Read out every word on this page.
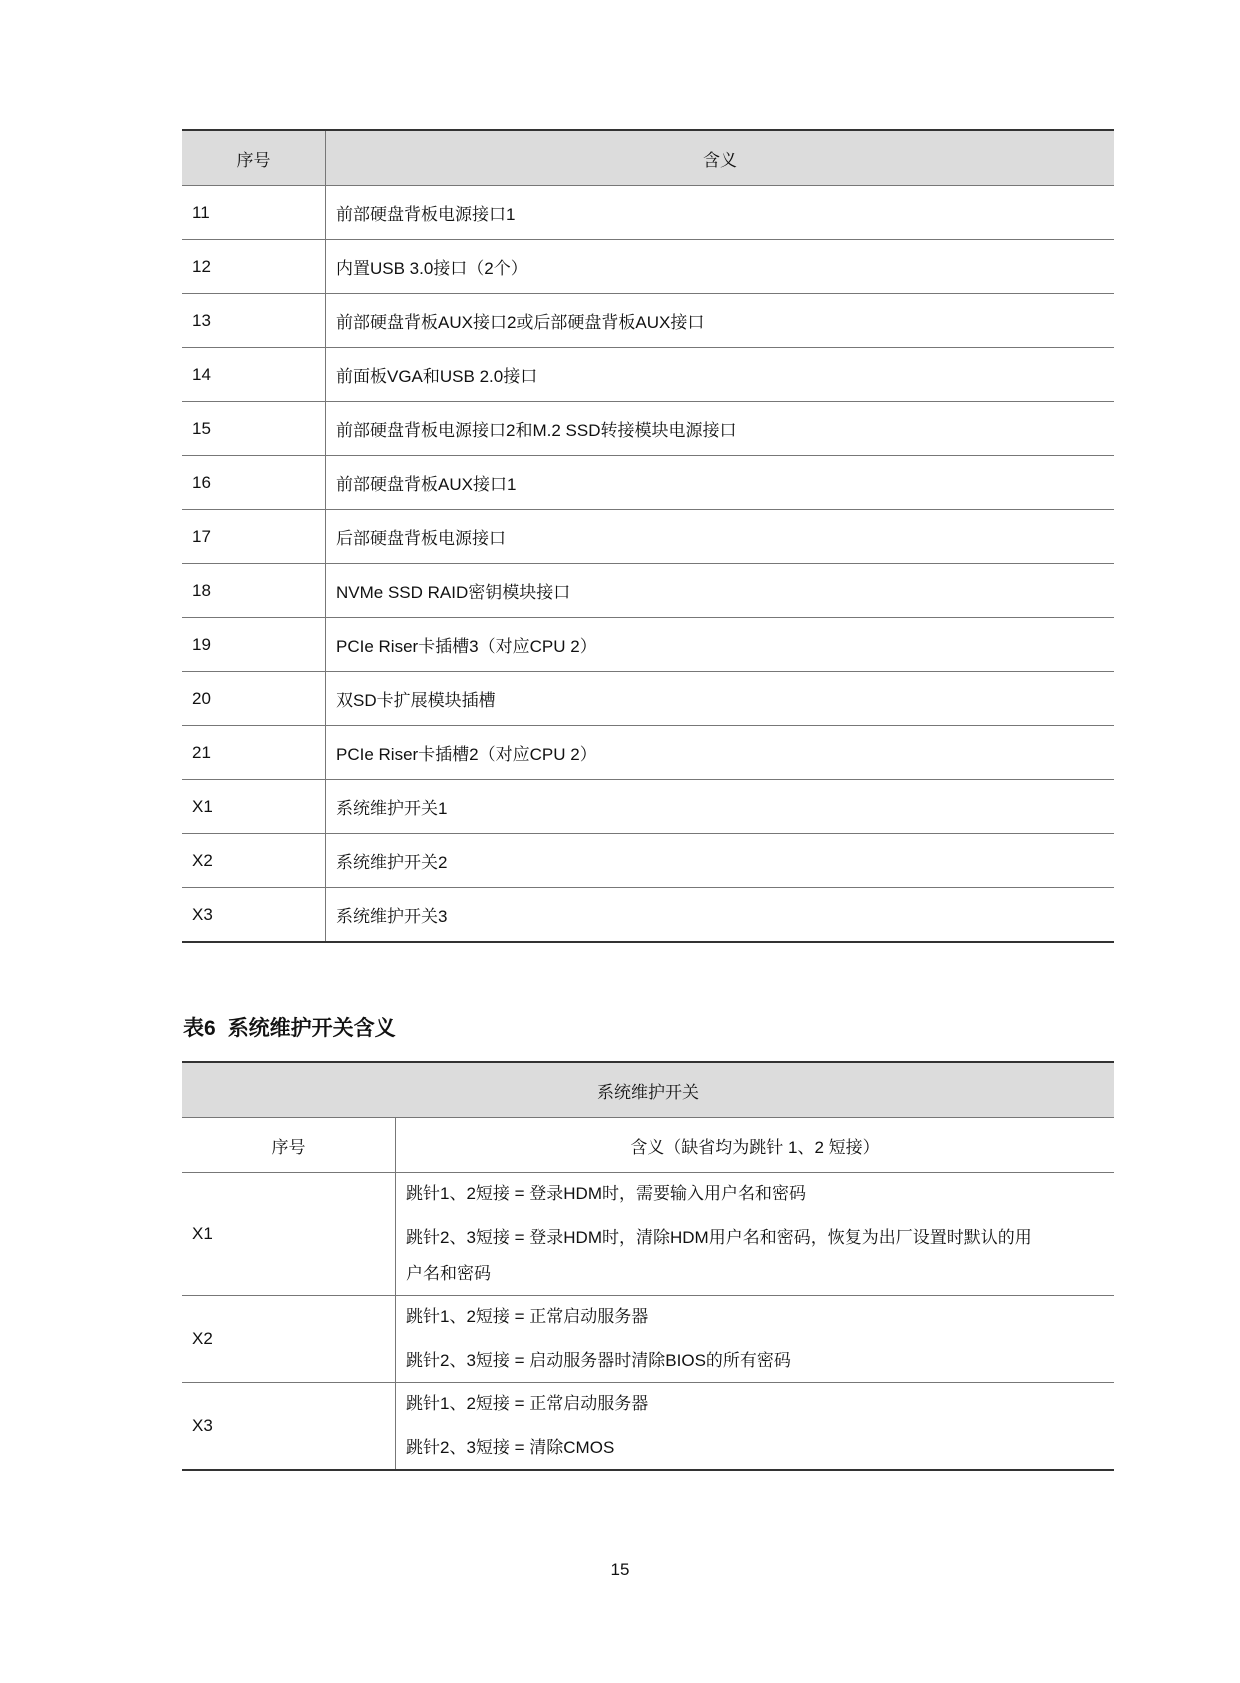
序号	含义
11	前部硬盘背板电源接口1
12	内置USB 3.0接口（2个）
13	前部硬盘背板AUX接口2或后部硬盘背板AUX接口
14	前面板VGA和USB 2.0接口
15	前部硬盘背板电源接口2和M.2 SSD转接模块电源接口
16	前部硬盘背板AUX接口1
17	后部硬盘背板电源接口
18	NVMe SSD RAID密钥模块接口
19	PCIe Riser卡插槽3（对应CPU 2）
20	双SD卡扩展模块插槽
21	PCIe Riser卡插槽2（对应CPU 2）
X1	系统维护开关1
X2	系统维护开关2
X3	系统维护开关3

表6 系统维护开关含义

系统维护开关	
序号	含义（缺省均为跳针 1、2 短接）
X1	跳针1、2短接 = 登录HDM时，需要输入用户名和密码

跳针2、3短接 = 登录HDM时，清除HDM用户名和密码，恢复为出厂设置时默认的用

户名和密码

X2	跳针1、2短接 = 正常启动服务器

跳针2、3短接 = 启动服务器时清除BIOS的所有密码

X3	跳针1、2短接 = 正常启动服务器

跳针2、3短接 = 清除CMOS

15
